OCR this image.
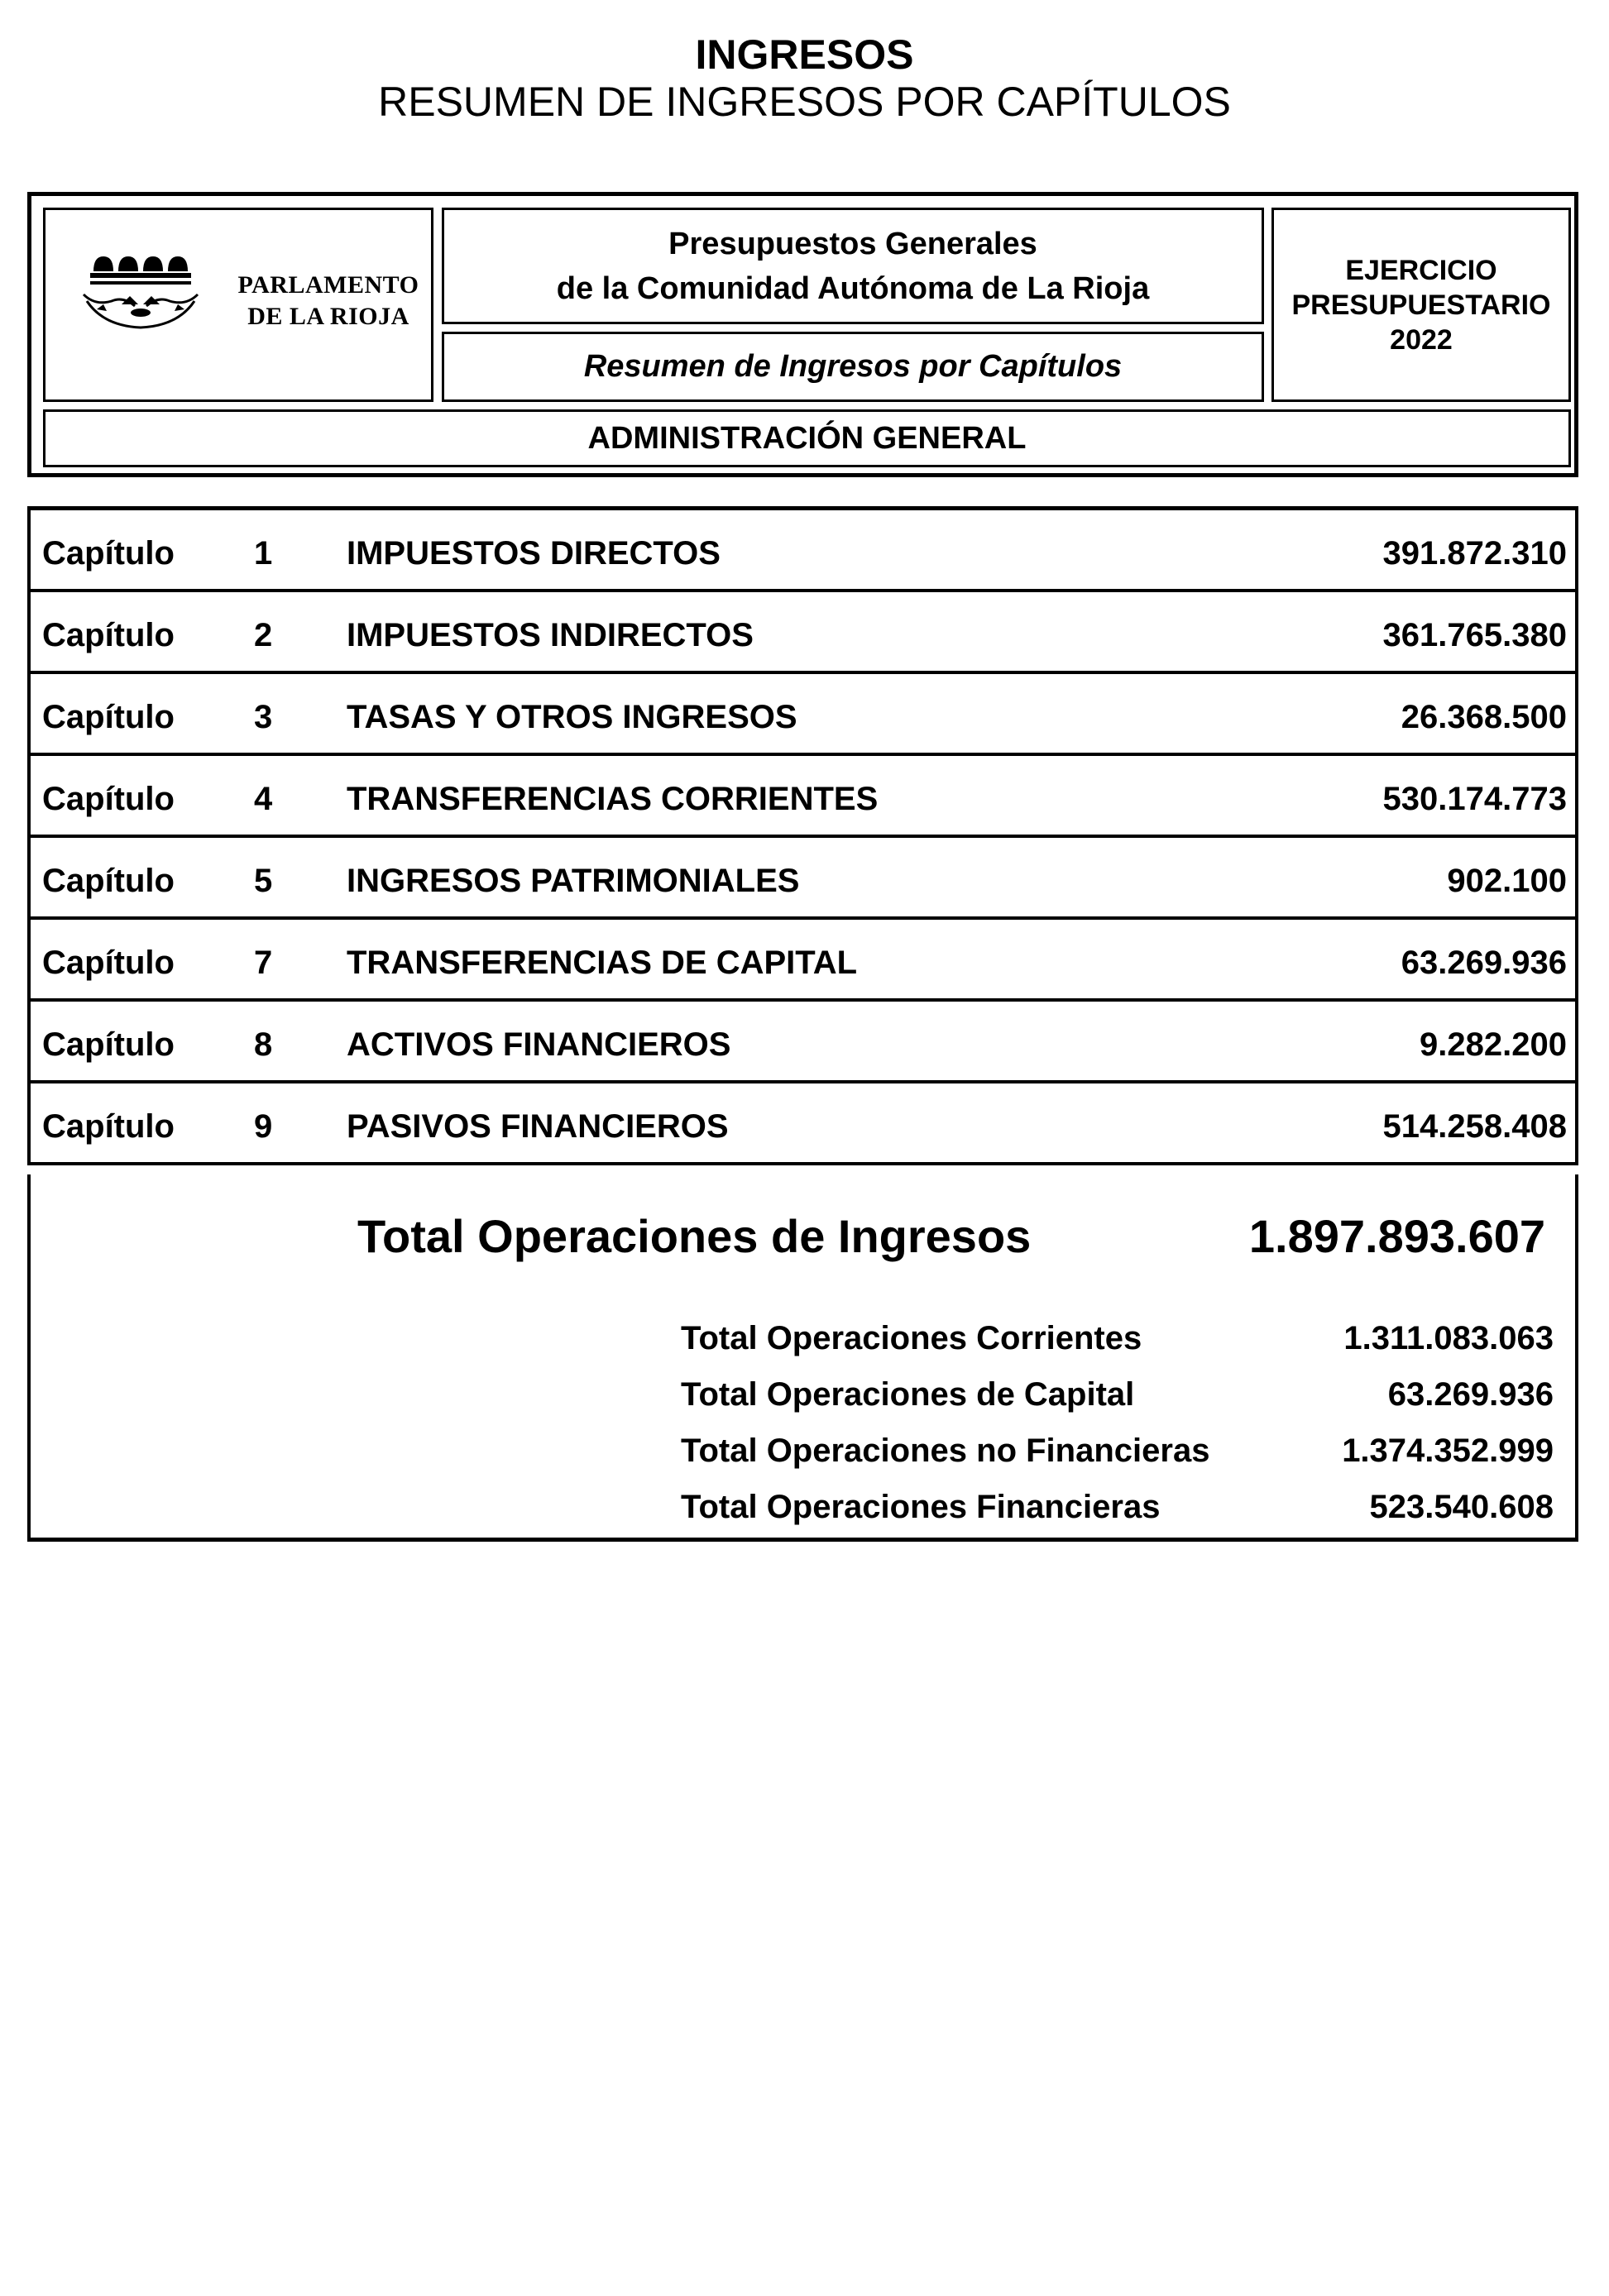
INGRESOS
RESUMEN DE INGRESOS POR CAPÍTULOS
PARLAMENTO
DE LA RIOJA
Presupuestos Generales
de la Comunidad Autónoma de La Rioja
Resumen de Ingresos por Capítulos
EJERCICIO
PRESUPUESTARIO
2022
ADMINISTRACIÓN GENERAL
Capítulo 1 IMPUESTOS DIRECTOS	391.872.310
Capítulo 2 IMPUESTOS INDIRECTOS	361.765.380
Capítulo 3 TASAS Y OTROS INGRESOS	26.368.500
Capítulo 4 TRANSFERENCIAS CORRIENTES	530.174.773
Capítulo 5 INGRESOS PATRIMONIALES	902.100
Capítulo 7 TRANSFERENCIAS DE CAPITAL	63.269.936
Capítulo 8 ACTIVOS FINANCIEROS	9.282.200
Capítulo 9 PASIVOS FINANCIEROS	514.258.408
Total Operaciones de Ingresos	1.897.893.607
Total Operaciones Corrientes	1.311.083.063
Total Operaciones de Capital	63.269.936
Total Operaciones no Financieras	1.374.352.999
Total Operaciones Financieras	523.540.608
